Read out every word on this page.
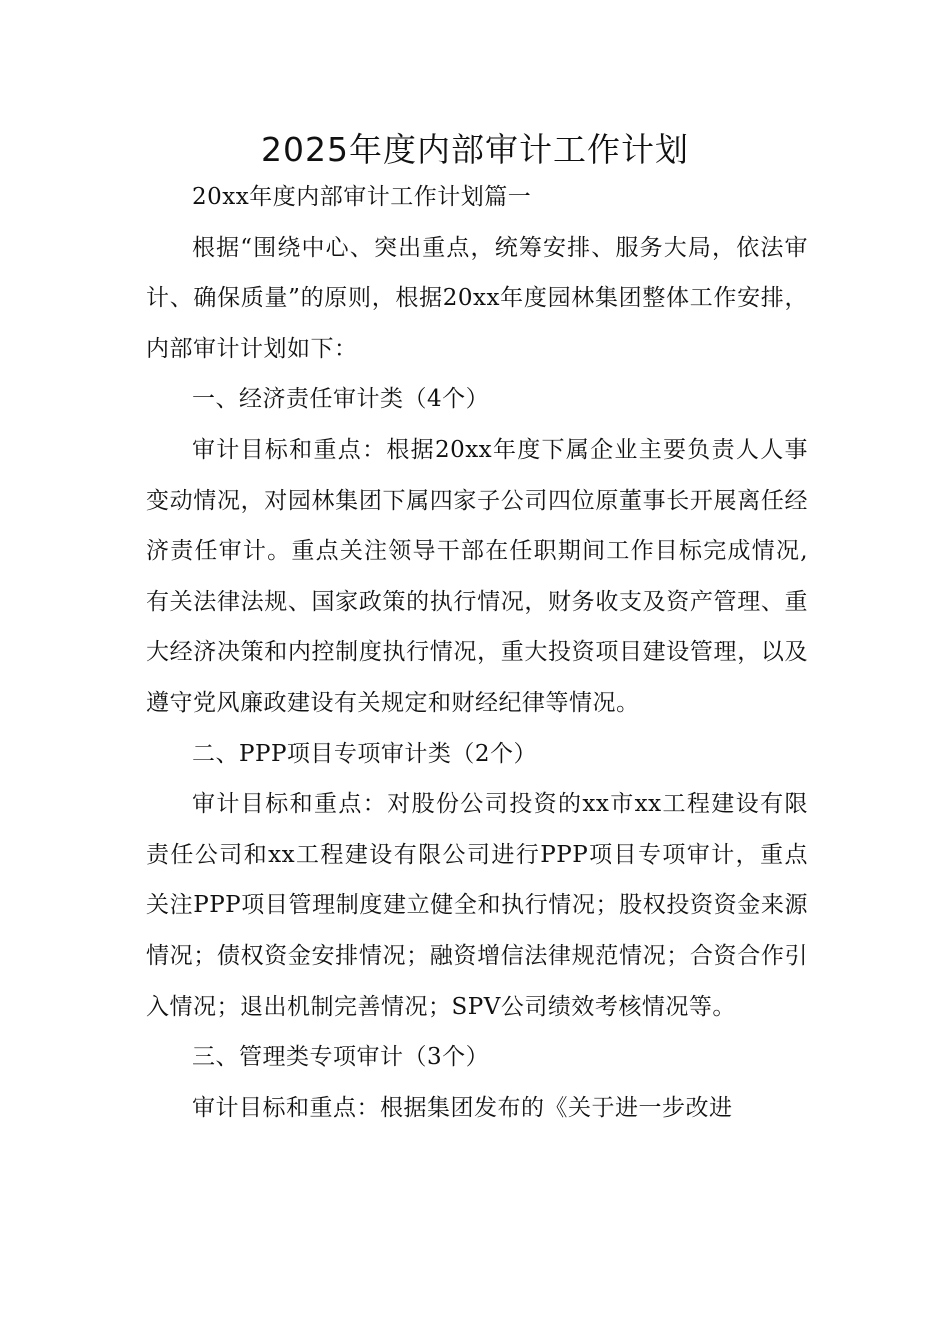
2025年度内部审计工作计划

20xx年度内部审计工作计划篇一

根据“围绕中心、突出重点，统筹安排、服务大局，依法审计、确保质量”的原则，根据20xx年度园林集团整体工作安排，内部审计计划如下：

一、经济责任审计类（4个）

审计目标和重点：根据20xx年度下属企业主要负责人人事变动情况，对园林集团下属四家子公司四位原董事长开展离任经济责任审计。重点关注领导干部在任职期间工作目标完成情况,有关法律法规、国家政策的执行情况，财务收支及资产管理、重大经济决策和内控制度执行情况，重大投资项目建设管理，以及遵守党风廉政建设有关规定和财经纪律等情况。

二、PPP项目专项审计类（2个）

审计目标和重点：对股份公司投资的xx市xx工程建设有限责任公司和xx工程建设有限公司进行PPP项目专项审计，重点关注PPP项目管理制度建立健全和执行情况；股权投资资金来源情况；债权资金安排情况；融资增信法律规范情况；合资合作引入情况；退出机制完善情况；SPV公司绩效考核情况等。

三、管理类专项审计（3个）

审计目标和重点：根据集团发布的《关于进一步改进
